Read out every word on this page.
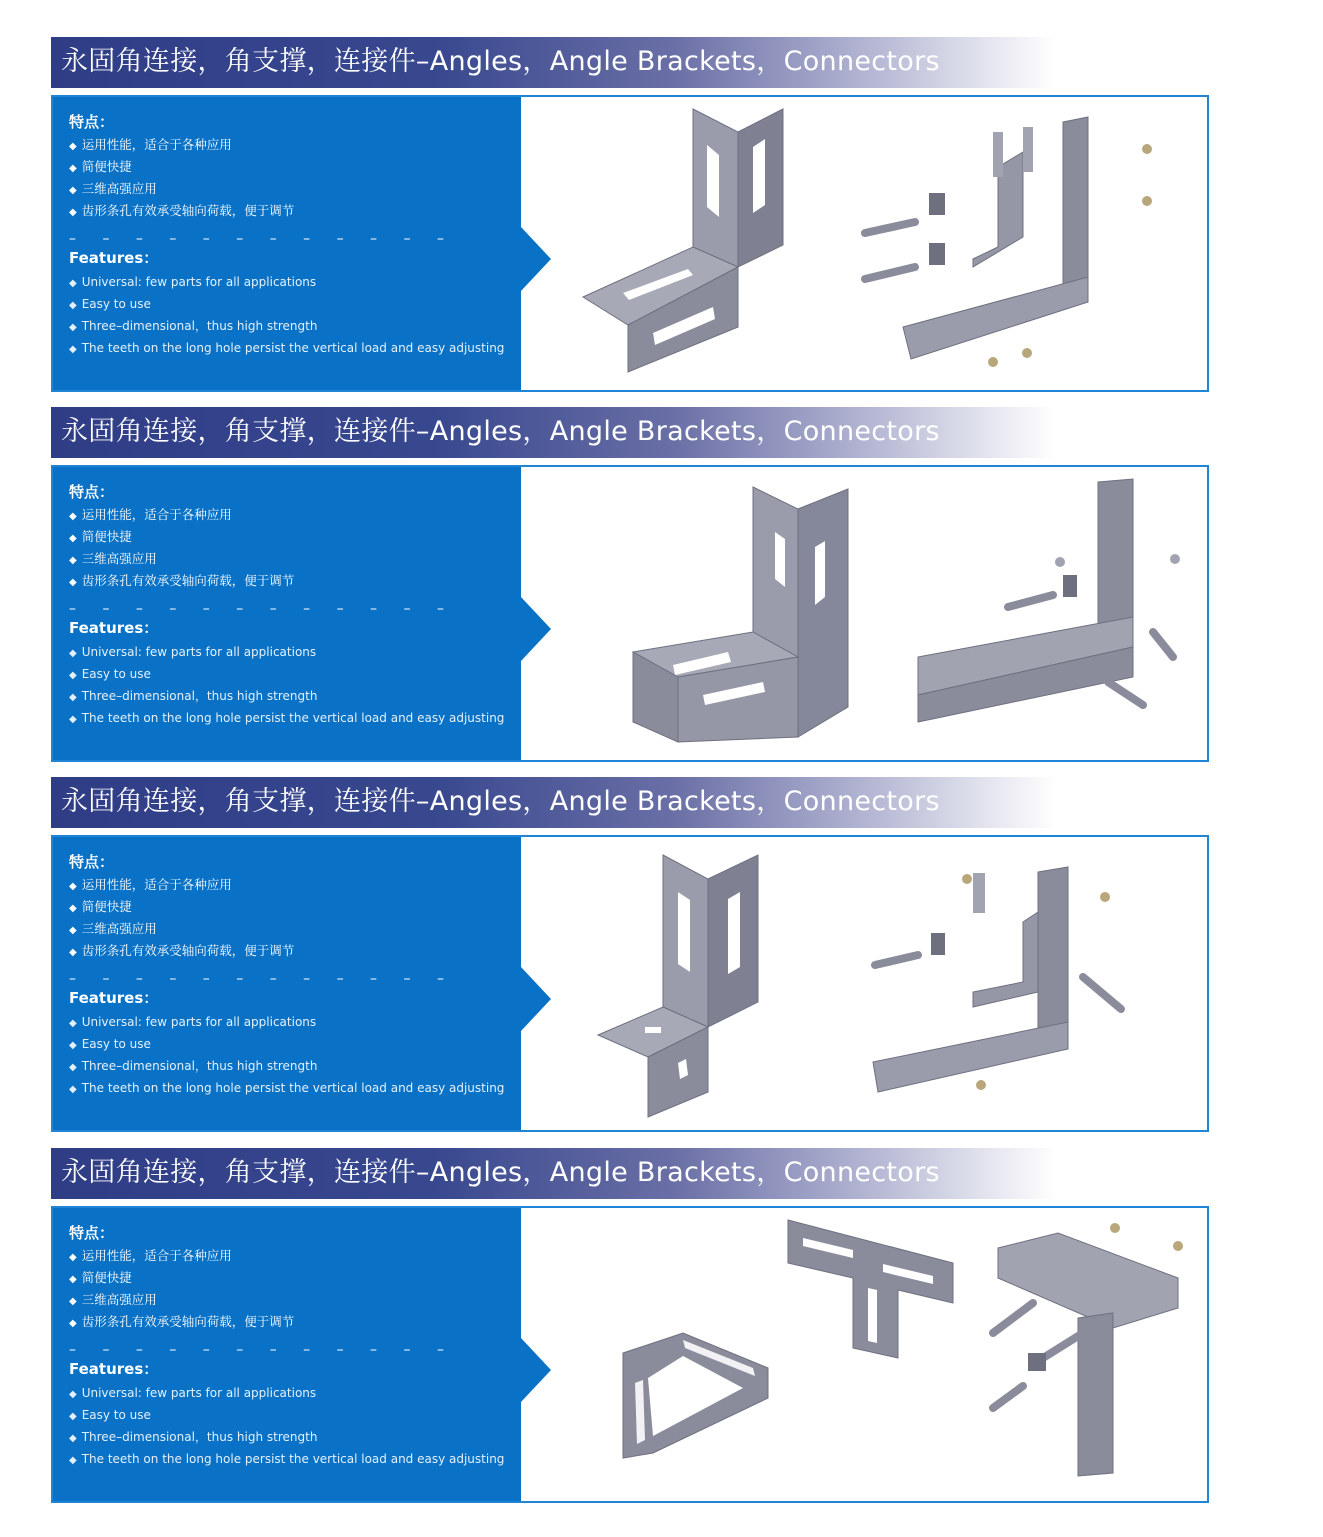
永固角连接，角支撑，连接件–Angles，Angle Brackets，Connectors
特点：
◆ 运用性能，适合于各种应用
◆ 简便快捷
◆ 三维高强应用
◆ 齿形条孔有效承受轴向荷载，便于调节
– – – – – – – – – – – –
Features：
◆ Universal: few parts for all applications
◆ Easy to use
◆ Three–dimensional，thus high strength
◆ The teeth on the long hole persist the vertical load and easy adjusting
永固角连接，角支撑，连接件–Angles，Angle Brackets，Connectors
特点：
◆ 运用性能，适合于各种应用
◆ 简便快捷
◆ 三维高强应用
◆ 齿形条孔有效承受轴向荷载，便于调节
– – – – – – – – – – – –
Features：
◆ Universal: few parts for all applications
◆ Easy to use
◆ Three–dimensional，thus high strength
◆ The teeth on the long hole persist the vertical load and easy adjusting
永固角连接，角支撑，连接件–Angles，Angle Brackets，Connectors
特点：
◆ 运用性能，适合于各种应用
◆ 简便快捷
◆ 三维高强应用
◆ 齿形条孔有效承受轴向荷载，便于调节
– – – – – – – – – – – –
Features：
◆ Universal: few parts for all applications
◆ Easy to use
◆ Three–dimensional，thus high strength
◆ The teeth on the long hole persist the vertical load and easy adjusting
永固角连接，角支撑，连接件–Angles，Angle Brackets，Connectors
特点：
◆ 运用性能，适合于各种应用
◆ 简便快捷
◆ 三维高强应用
◆ 齿形条孔有效承受轴向荷载，便于调节
– – – – – – – – – – – –
Features：
◆ Universal: few parts for all applications
◆ Easy to use
◆ Three–dimensional，thus high strength
◆ The teeth on the long hole persist the vertical load and easy adjusting
